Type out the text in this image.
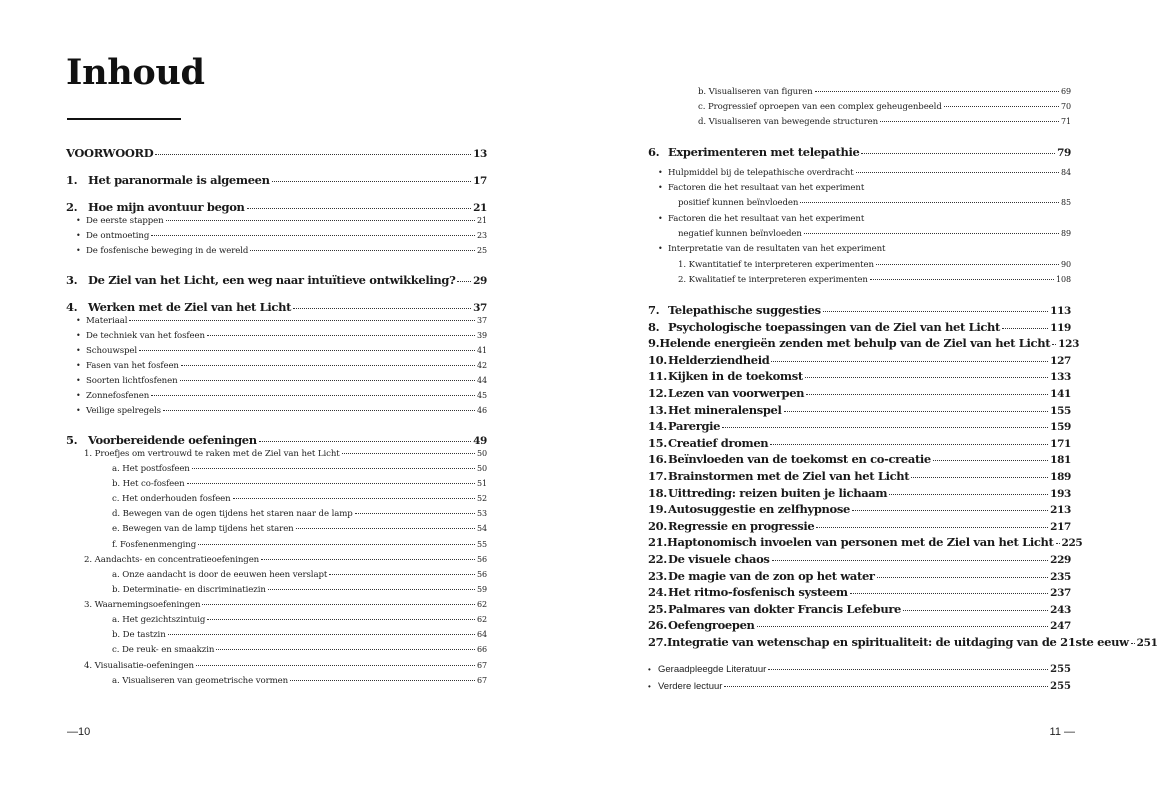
Inhoud
VOORWOORD	13
1. Het paranormale is algemeen	17
2. Hoe mijn avontuur begon	21
• De eerste stappen	21
• De ontmoeting	23
• De fosfenische beweging in de wereld	25
3. De Ziel van het Licht, een weg naar intuïtieve ontwikkeling? 29
4. Werken met de Ziel van het Licht	37
• Materiaal	37
• De techniek van het fosfeen	39
• Schouwspel	41
• Fasen van het fosfeen	42
• Soorten lichtfosfenen	44
• Zonnefosfenen	45
• Veilige spelregels	46
5. Voorbereidende oefeningen	49
1. Proefjes om vertrouwd te raken met de Ziel van het Licht	50
a. Het postfosfeen	50
b. Het co-fosfeen	51
c. Het onderhouden fosfeen	52
d. Bewegen van de ogen tijdens het staren naar de lamp	53
e. Bewegen van de lamp tijdens het staren	54
f. Fosfenenmenging	55
2. Aandachts- en concentratieoefeningen	56
a. Onze aandacht is door de eeuwen heen verslapt	56
b. Determinatie- en discriminatiezin	59
3. Waarnemingsoefeningen	62
a. Het gezichtszintuig	62
b. De tastzin	64
c. De reuk- en smaakzin	66
4. Visualisatie-oefeningen	67
a. Visualiseren van geometrische vormen	67
—10
b. Visualiseren van figuren	69
c. Progressief oproepen van een complex geheugenbeeld	70
d. Visualiseren van bewegende structuren	71
6. Experimenteren met telepathie	79
• Hulpmiddel bij de telepathische overdracht	84
• Factoren die het resultaat van het experiment
positief kunnen beïnvloeden	85
• Factoren die het resultaat van het experiment
negatief kunnen beïnvloeden	89
• Interpretatie van de resultaten van het experiment
1. Kwantitatief te interpreteren experimenten	90
2. Kwalitatief te interpreteren experimenten	108
7. Telepathische suggesties	113
8. Psychologische toepassingen van de Ziel van het Licht	119
9. Helende energieën zenden met behulp van de Ziel van het Licht 123
10. Helderziendheid	127
11. Kijken in de toekomst	133
12. Lezen van voorwerpen	141
13. Het mineralenspel	155
14. Parergie	159
15. Creatief dromen	171
16. Beïnvloeden van de toekomst en co-creatie	181
17. Brainstormen met de Ziel van het Licht	189
18. Uittreding: reizen buiten je lichaam	193
19. Autosuggestie en zelfhypnose	213
20. Regressie en progressie	217
21. Haptonomisch invoelen van personen met de Ziel van het Licht 225
22. De visuele chaos	229
23. De magie van de zon op het water	235
24. Het ritmo-fosfenisch systeem	237
25. Palmares van dokter Francis Lefebure	243
26. Oefengroepen	247
27. Integratie van wetenschap en spiritualiteit: de uitdaging van de 21ste eeuw 251
• Geraadpleegde Literatuur	255
• Verdere lectuur	255
11 —
